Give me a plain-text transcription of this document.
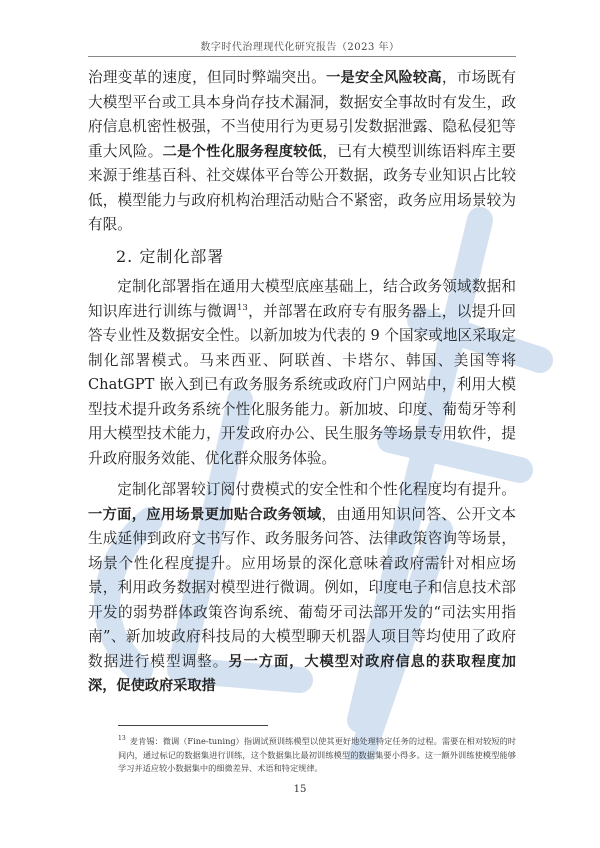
数字时代治理现代化研究报告（2023 年）

治理变革的速度，但同时弊端突出。一是安全风险较高，市场既有大模型平台或工具本身尚存技术漏洞，数据安全事故时有发生，政府信息机密性极强，不当使用行为更易引发数据泄露、隐私侵犯等重大风险。二是个性化服务程度较低，已有大模型训练语料库主要来源于维基百科、社交媒体平台等公开数据，政务专业知识占比较低，模型能力与政府机构治理活动贴合不紧密，政务应用场景较为有限。

2. 定制化部署

定制化部署指在通用大模型底座基础上，结合政务领域数据和知识库进行训练与微调$^{13}$，并部署在政府专有服务器上，以提升回答专业性及数据安全性。以新加坡为代表的 9 个国家或地区采取定制化部署模式。马来西亚、阿联酋、卡塔尔、韩国、美国等将 ChatGPT 嵌入到已有政务服务系统或政府门户网站中，利用大模型技术提升政务系统个性化服务能力。新加坡、印度、葡萄牙等利用大模型技术能力，开发政府办公、民生服务等场景专用软件，提升政府服务效能、优化群众服务体验。

定制化部署较订阅付费模式的安全性和个性化程度均有提升。一方面，应用场景更加贴合政务领域，由通用知识问答、公开文本生成延伸到政府文书写作、政务服务问答、法律政策咨询等场景，场景个性化程度提升。应用场景的深化意味着政府需针对相应场景，利用政务数据对模型进行微调。例如，印度电子和信息技术部开发的弱势群体政策咨询系统、葡萄牙司法部开发的“司法实用指南”、新加坡政府科技局的大模型聊天机器人项目等均使用了政府数据进行模型调整。另一方面，大模型对政府信息的获取程度加深，促使政府采取措

$^{13}$ 麦肯锡：微调（Fine-tuning）指调试预训练模型以使其更好地处理特定任务的过程。需要在相对较短的时间内，通过标记的数据集进行训练，这个数据集比最初训练模型的数据集要小得多。这一额外训练使模型能够学习并适应较小数据集中的细微差异、术语和特定规律。
15
